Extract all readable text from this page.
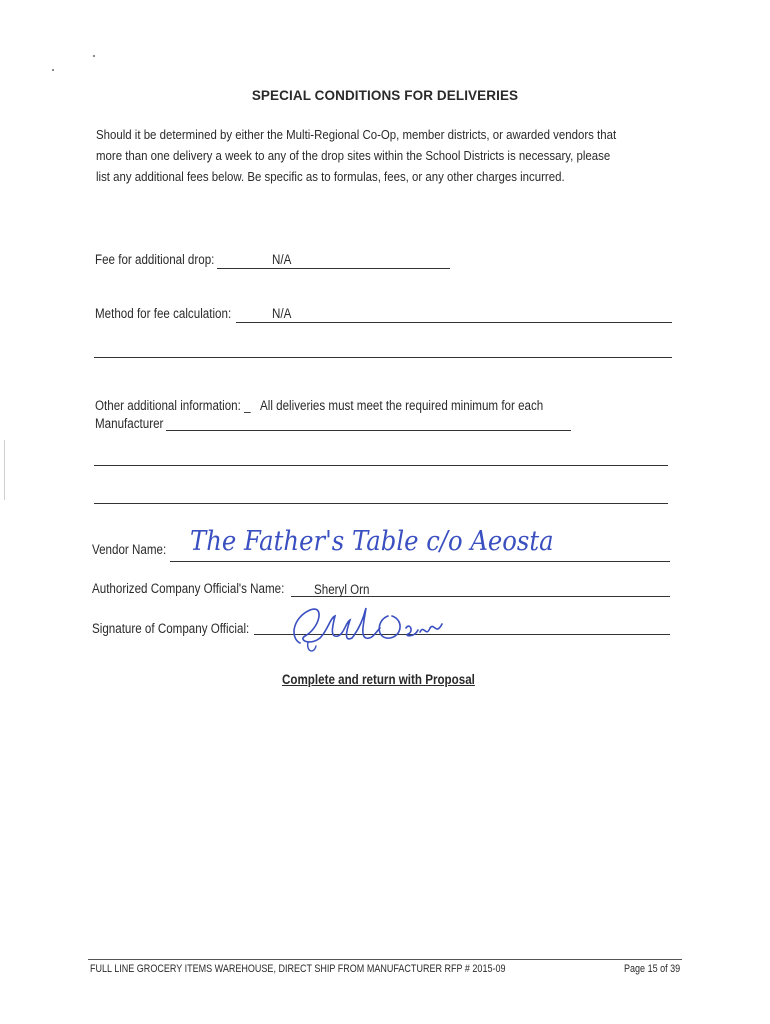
SPECIAL CONDITIONS FOR DELIVERIES
Should it be determined by either the Multi-Regional Co-Op, member districts, or awarded vendors that more than one delivery a week to any of the drop sites within the School Districts is necessary, please list any additional fees below. Be specific as to formulas, fees, or any other charges incurred.
Fee for additional drop:	N/A
Method for fee calculation:	N/A
Other additional information: _ All deliveries must meet the required minimum for each
Manufacturer
Vendor Name: The Father's Table c/o Aeosta
Authorized Company Official's Name: Sheryl Orn
Signature of Company Official:
Complete and return with Proposal
FULL LINE GROCERY ITEMS WAREHOUSE, DIRECT SHIP FROM MANUFACTURER RFP # 2015-09	Page 15 of 39
